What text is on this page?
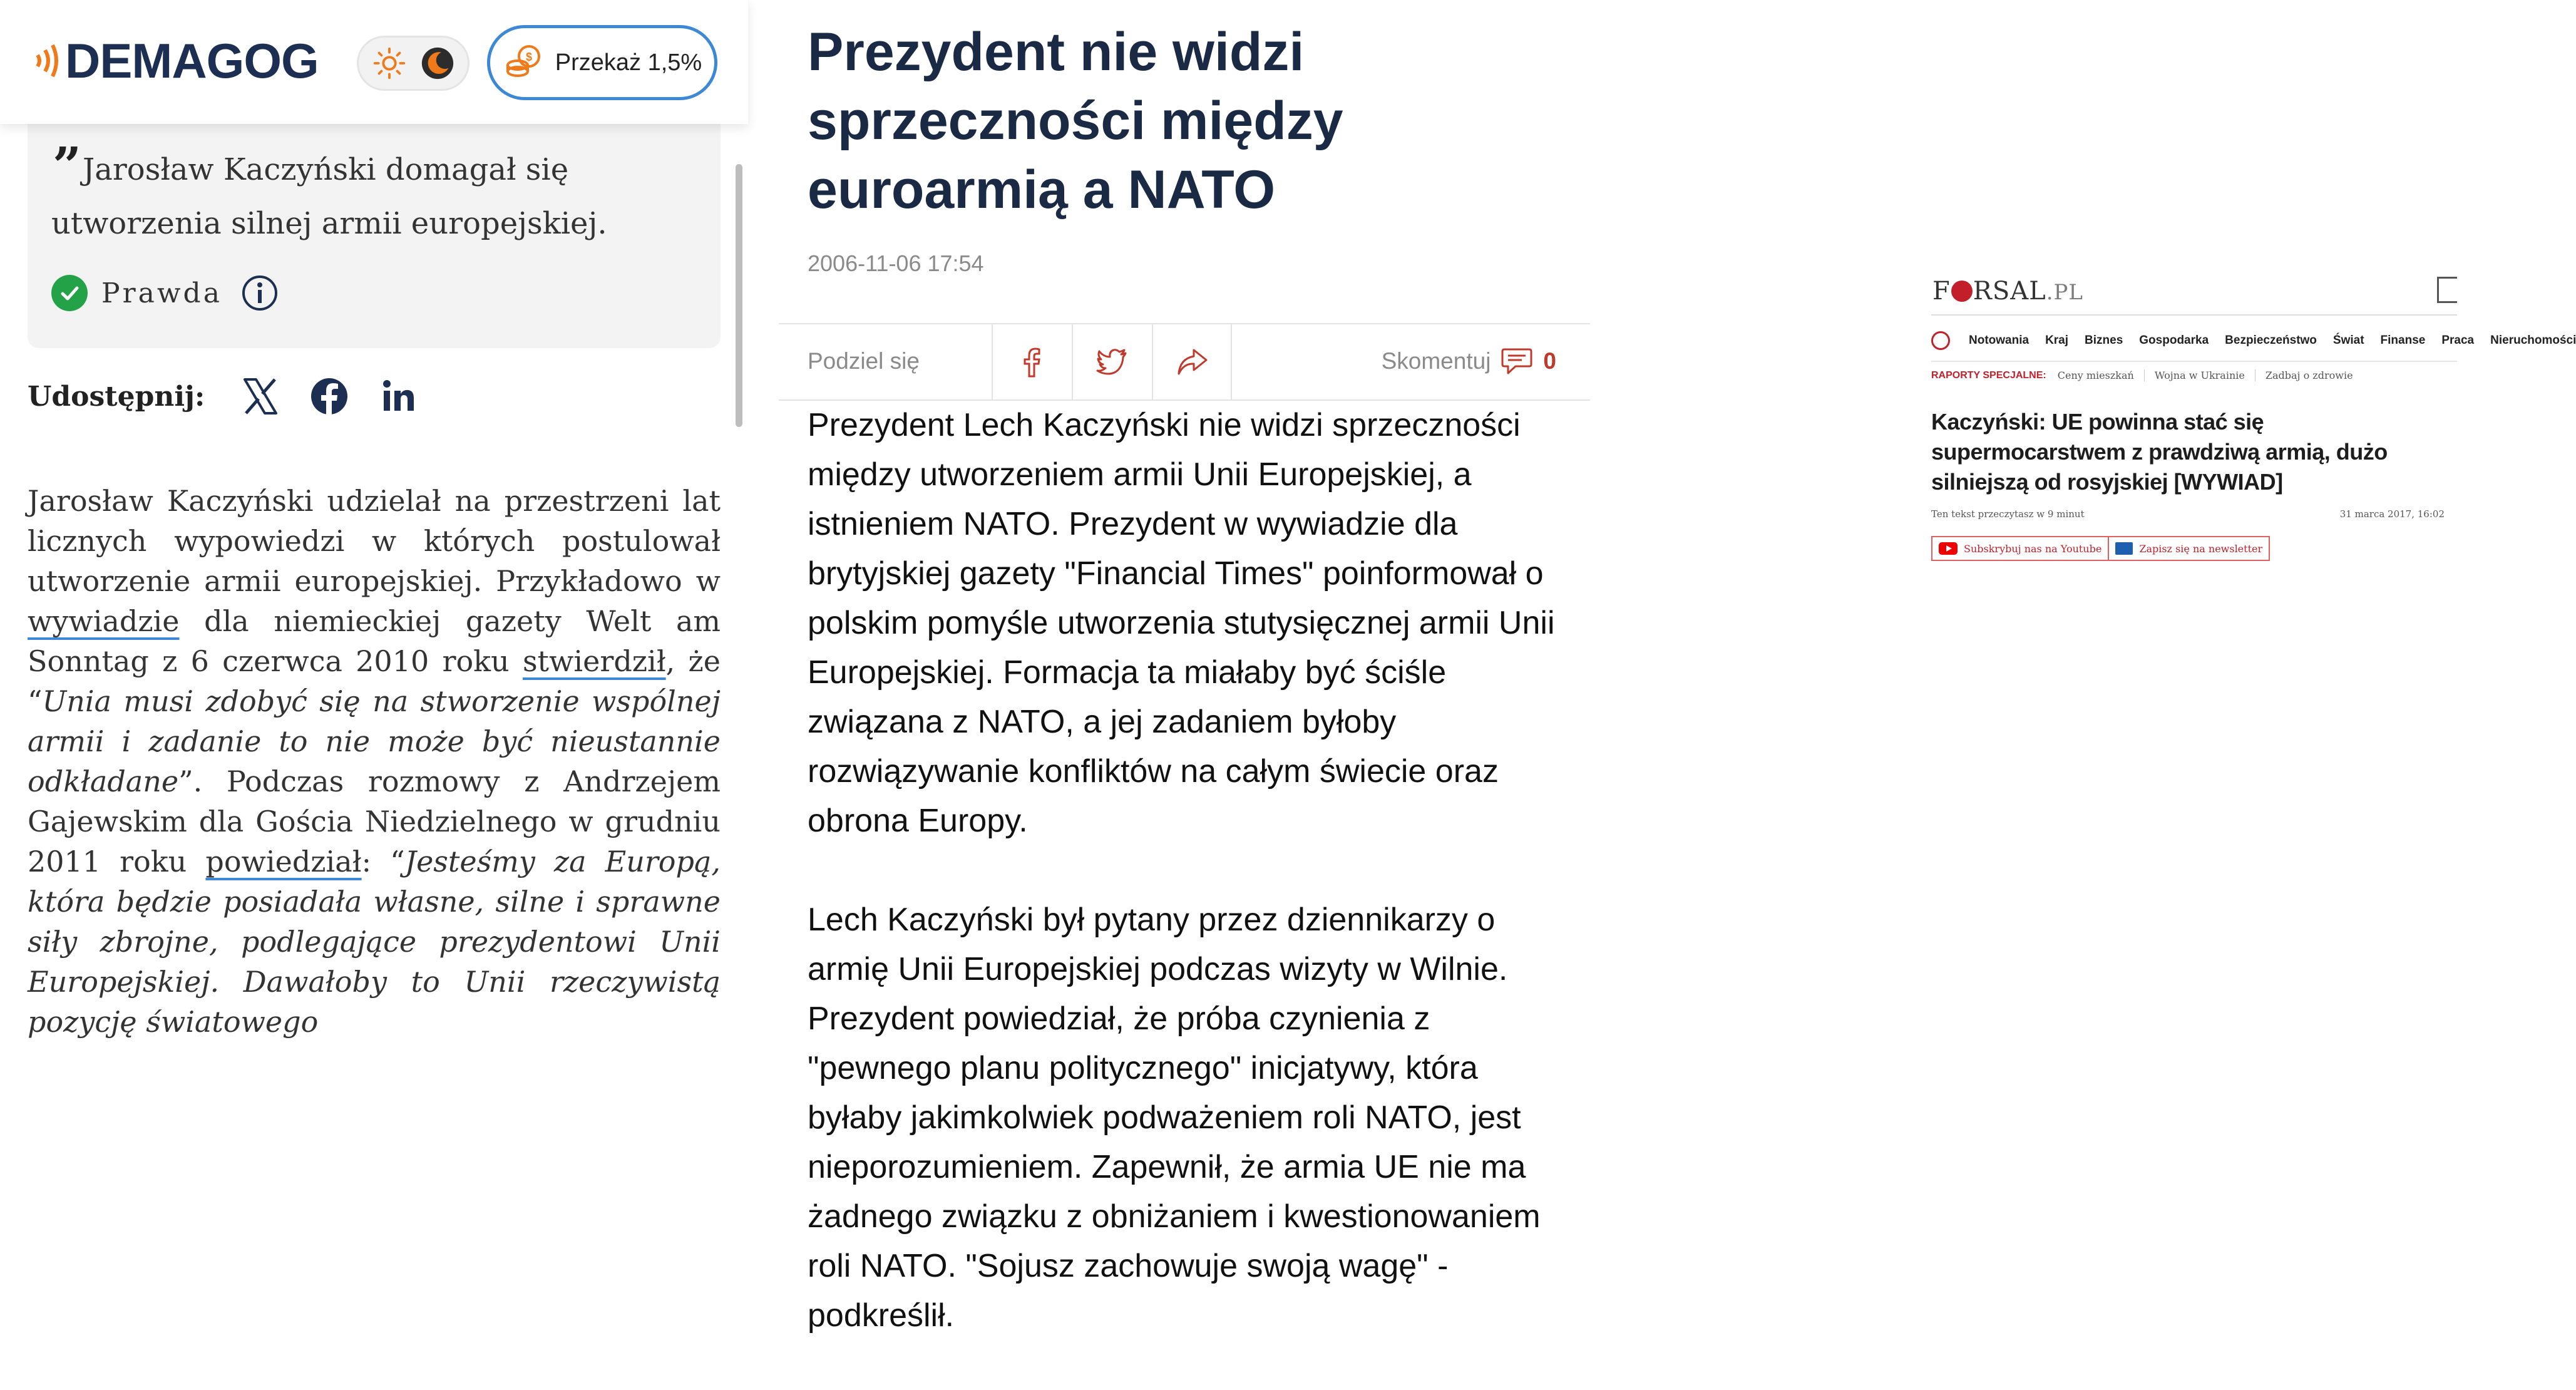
DEMAGOG	$ Przekaż 1,5%
” Jarosław Kaczyński domagał się utworzenia silnej armii europejskiej.
Prawda
Udostępnij:
Jarosław Kaczyński udzielał na przestrzeni lat licznych wypowiedzi w których postulował utworzenie armii europejskiej. Przykładowo w wywiadzie dla niemieckiej gazety Welt am Sonntag z 6 czerwca 2010 roku stwierdził, że “Unia musi zdobyć się na stworzenie wspólnej armii i zadanie to nie może być nieustannie odkładane”. Podczas rozmowy z Andrzejem Gajewskim dla Gościa Niedzielnego w grudniu 2011 roku powiedział: “Jesteśmy za Europą, która będzie posiadała własne, silne i sprawne siły zbrojne, podlegające prezydentowi Unii Europejskiej. Dawałoby to Unii rzeczywistą pozycję światowego
Prezydent nie widzi sprzeczności między euroarmią a NATO
2006-11-06 17:54
Podziel się	Skomentuj 0

Prezydent Lech Kaczyński nie widzi sprzeczności między utworzeniem armii Unii Europejskiej, a istnieniem NATO. Prezydent w wywiadzie dla brytyjskiej gazety "Financial Times" poinformował o polskim pomyśle utworzenia stutysięcznej armii Unii Europejskiej. Formacja ta miałaby być ściśle związana z NATO, a jej zadaniem byłoby rozwiązywanie konfliktów na całym świecie oraz obrona Europy.

Lech Kaczyński był pytany przez dziennikarzy o armię Unii Europejskiej podczas wizyty w Wilnie. Prezydent powiedział, że próba czynienia z "pewnego planu politycznego" inicjatywy, która byłaby jakimkolwiek podważeniem roli NATO, jest nieporozumieniem. Zapewnił, że armia UE nie ma żadnego związku z obniżaniem i kwestionowaniem roli NATO. "Sojusz zachowuje swoją wagę" - podkreślił.

F RSAL.PL
Notowania Kraj Biznes Gospodarka Bezpieczeństwo Świat Finanse Praca Nieruchomości
RAPORTY SPECJALNE: Ceny mieszkań	Wojna w Ukrainie	Zadbaj o zdrowie
Kaczyński: UE powinna stać się supermocarstwem z prawdziwą armią, dużo silniejszą od rosyjskiej [WYWIAD]
Ten tekst przeczytasz w 9 minut	31 marca 2017, 16:02
Subskrybuj nas na Youtube	Zapisz się na newsletter
